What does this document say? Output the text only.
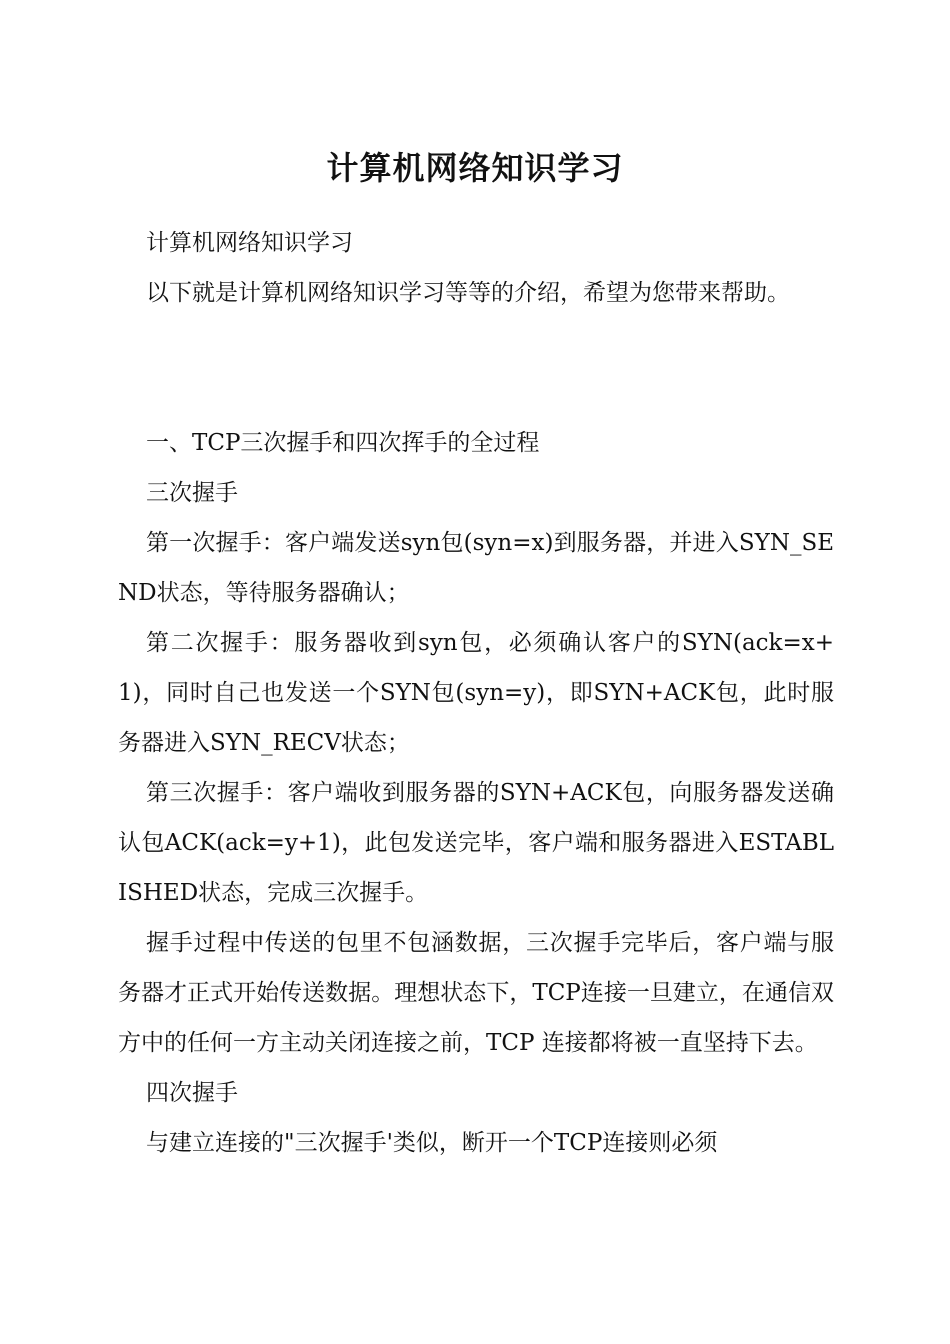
计算机网络知识学习

计算机网络知识学习

以下就是计算机网络知识学习等等的介绍，希望为您带来帮助。

一、TCP三次握手和四次挥手的全过程

三次握手

第一次握手：客户端发送syn包(syn=x)到服务器，并进入SYN_SEND状态，等待服务器确认；

第二次握手：服务器收到syn包，必须确认客户的SYN(ack=x+1)，同时自己也发送一个SYN包(syn=y)，即SYN+ACK包，此时服务器进入SYN_RECV状态；

第三次握手：客户端收到服务器的SYN+ACK包，向服务器发送确认包ACK(ack=y+1)，此包发送完毕，客户端和服务器进入ESTABLISHED状态，完成三次握手。

握手过程中传送的包里不包涵数据，三次握手完毕后，客户端与服务器才正式开始传送数据。理想状态下，TCP连接一旦建立，在通信双方中的任何一方主动关闭连接之前，TCP 连接都将被一直坚持下去。

四次握手

与建立连接的"三次握手'类似，断开一个TCP连接则必须
